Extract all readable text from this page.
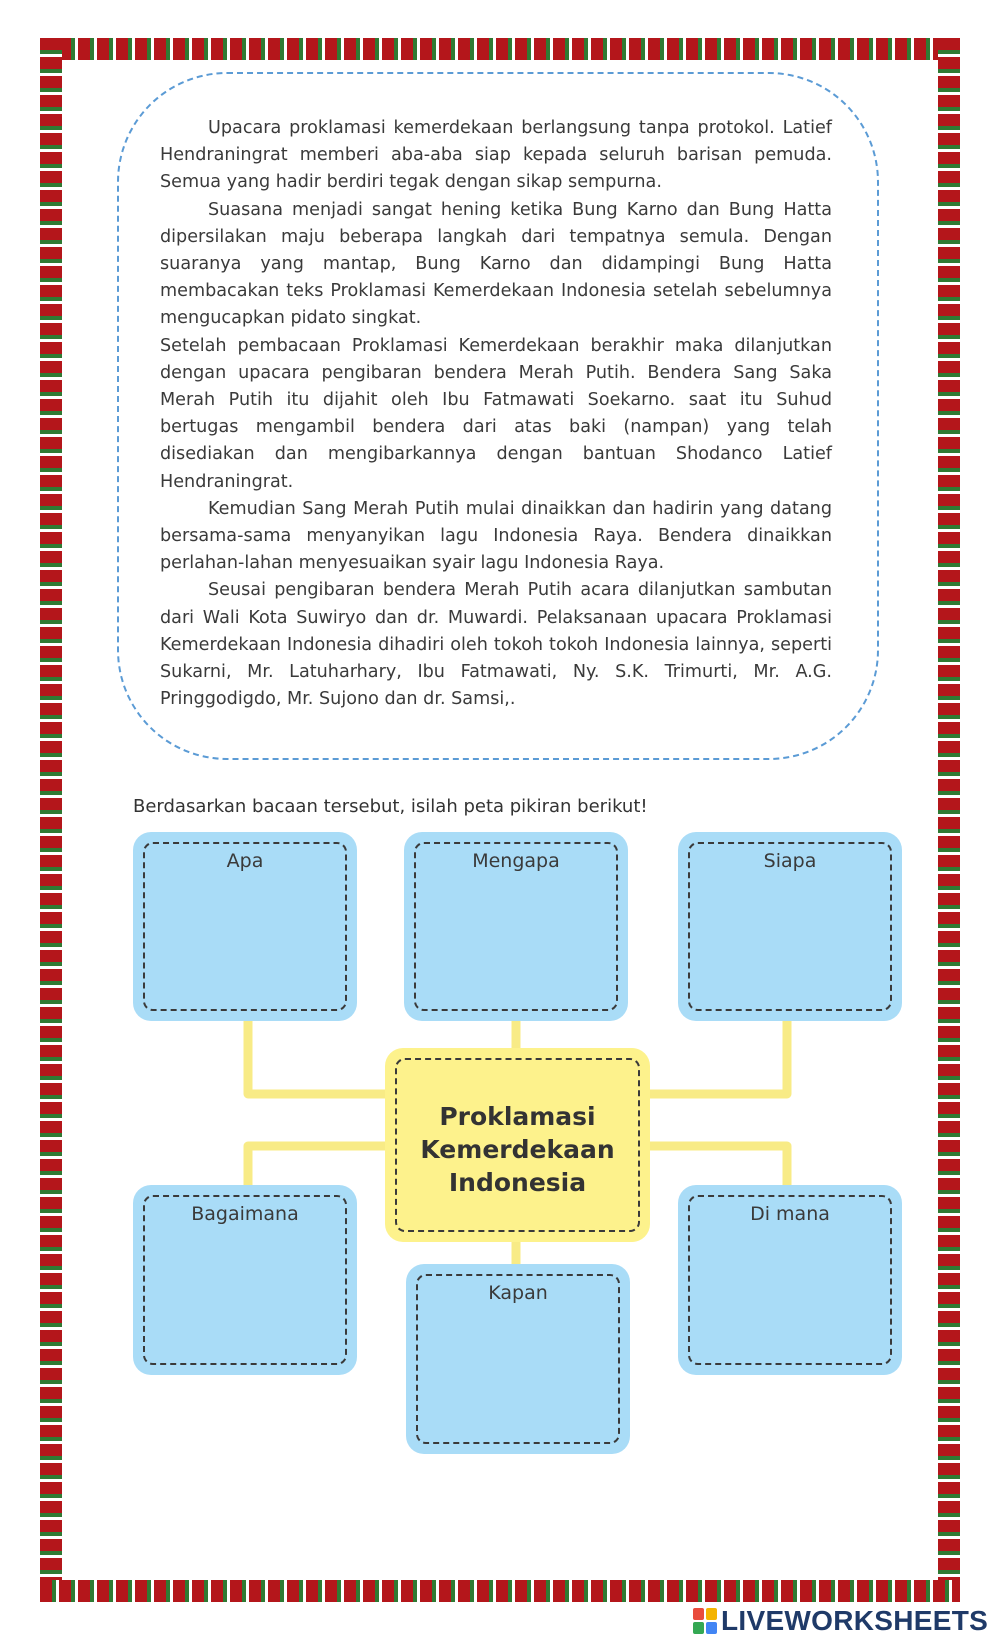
Upacara proklamasi kemerdekaan berlangsung tanpa protokol. Latief Hendraningrat memberi aba-aba siap kepada seluruh barisan pemuda. Semua yang hadir berdiri tegak dengan sikap sempurna.

Suasana menjadi sangat hening ketika Bung Karno dan Bung Hatta dipersilakan maju beberapa langkah dari tempatnya semula. Dengan suaranya yang mantap, Bung Karno dan didampingi Bung Hatta membacakan teks Proklamasi Kemerdekaan Indonesia setelah sebelumnya mengucapkan pidato singkat.

Setelah pembacaan Proklamasi Kemerdekaan berakhir maka dilanjutkan dengan upacara pengibaran bendera Merah Putih. Bendera Sang Saka Merah Putih itu dijahit oleh Ibu Fatmawati Soekarno. saat itu Suhud bertugas mengambil bendera dari atas baki (nampan) yang telah disediakan dan mengibarkannya dengan bantuan Shodanco Latief Hendraningrat.

Kemudian Sang Merah Putih mulai dinaikkan dan hadirin yang datang bersama-sama menyanyikan lagu Indonesia Raya. Bendera dinaikkan perlahan-lahan menyesuaikan syair lagu Indonesia Raya.

Seusai pengibaran bendera Merah Putih acara dilanjutkan sambutan dari Wali Kota Suwiryo dan dr. Muwardi. Pelaksanaan upacara Proklamasi Kemerdekaan Indonesia dihadiri oleh tokoh tokoh Indonesia lainnya, seperti Sukarni, Mr. Latuharhary, Ibu Fatmawati, Ny. S.K. Trimurti, Mr. A.G. Pringgodigdo, Mr. Sujono dan dr. Samsi,.

Berdasarkan bacaan tersebut, isilah peta pikiran berikut!
Apa	Mengapa	Siapa
Proklamasi
Kemerdekaan
Indonesia
Bagaimana
Kapan
Di mana
LIVEWORKSHEETS
